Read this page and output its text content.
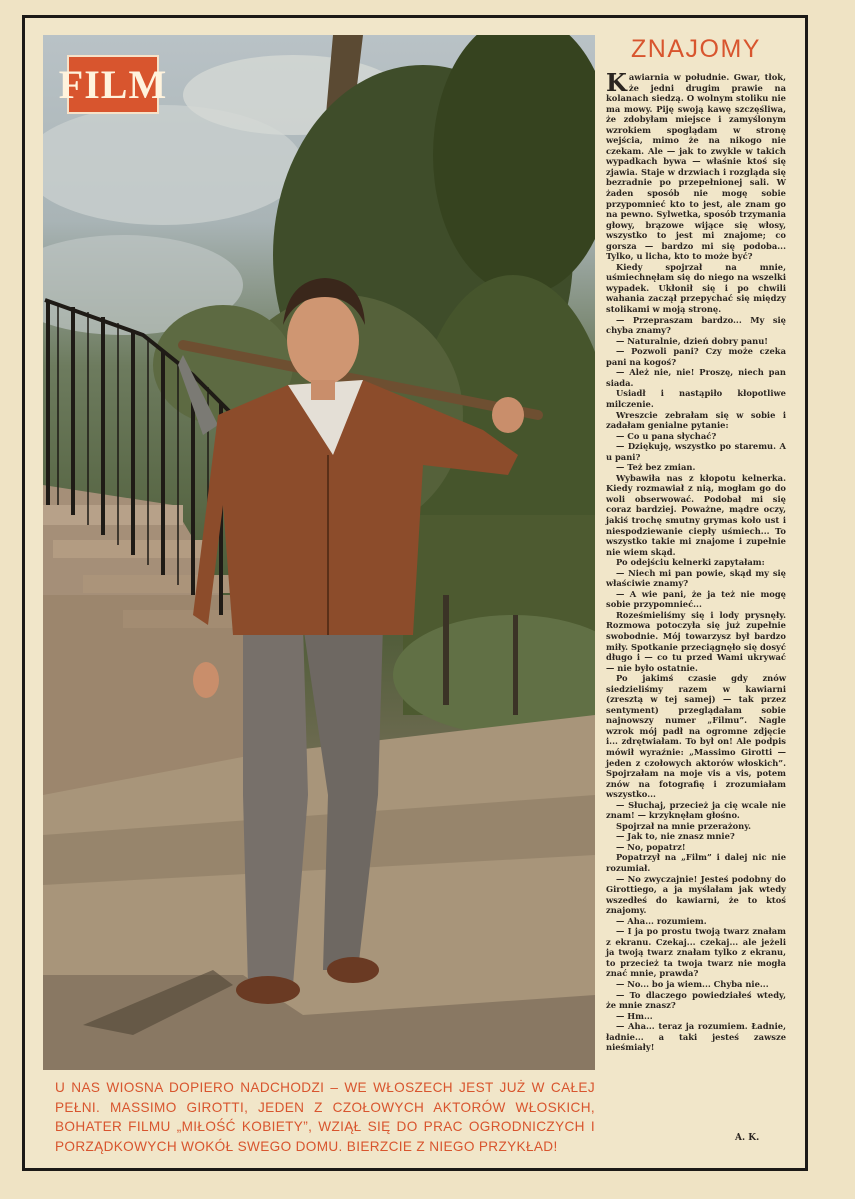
FILM
U NAS WIOSNA DOPIERO NADCHODZI – WE WŁOSZECH JEST JUŻ W CAŁEJ PEŁNI. MASSIMO GIROTTI, JEDEN Z CZOŁOWYCH AKTORÓW WŁOSKICH, BOHATER FILMU „MIŁOŚĆ KOBIETY”, WZIĄŁ SIĘ DO PRAC OGRODNICZYCH I PORZĄDKOWYCH WOKÓŁ SWEGO DOMU. BIERZCIE Z NIEGO PRZYKŁAD!
ZNAJOMY

Kawiarnia w południe. Gwar, tłok, że jedni drugim prawie na kolanach siedzą. O wolnym stoliku nie ma mowy. Piję swoją kawę szczęśliwa, że zdobyłam miejsce i zamyślonym wzrokiem spoglądam w stronę wejścia, mimo że na nikogo nie czekam. Ale — jak to zwykle w takich wypadkach bywa — właśnie ktoś się zjawia. Staje w drzwiach i rozgląda się bezradnie po przepełnionej sali. W żaden sposób nie mogę sobie przypomnieć kto to jest, ale znam go na pewno. Sylwetka, sposób trzymania głowy, brązowe wijące się włosy, wszystko to jest mi znajome; co gorsza — bardzo mi się podoba... Tylko, u licha, kto to może być?

Kiedy spojrzał na mnie, uśmiechnęłam się do niego na wszelki wypadek. Ukłonił się i po chwili wahania zaczął przepychać się między stolikami w moją stronę.

— Przepraszam bardzo... My się chyba znamy?

— Naturalnie, dzień dobry panu!

— Pozwoli pani? Czy może czeka pani na kogoś?

— Ależ nie, nie! Proszę, niech pan siada.

Usiadł i nastąpiło kłopotliwe milczenie.

Wreszcie zebrałam się w sobie i zadałam genialne pytanie:

— Co u pana słychać?

— Dziękuję, wszystko po staremu. A u pani?

— Też bez zmian.

Wybawiła nas z kłopotu kelnerka. Kiedy rozmawiał z nią, mogłam go do woli obserwować. Podobał mi się coraz bardziej. Poważne, mądre oczy, jakiś trochę smutny grymas koło ust i niespodziewanie ciepły uśmiech... To wszystko takie mi znajome i zupełnie nie wiem skąd.

Po odejściu kelnerki zapytałam:

— Niech mi pan powie, skąd my się właściwie znamy?

— A wie pani, że ja też nie mogę sobie przypomnieć...

Roześmieliśmy się i lody prysnęły. Rozmowa potoczyła się już zupełnie swobodnie. Mój towarzysz był bardzo miły. Spotkanie przeciągnęło się dosyć długo i — co tu przed Wami ukrywać — nie było ostatnie.

Po jakimś czasie gdy znów siedzieliśmy razem w kawiarni (zresztą w tej samej) — tak przez sentyment) przeglądałam sobie najnowszy numer „Filmu”. Nagle wzrok mój padł na ogromne zdjęcie i... zdrętwiałam. To był on! Ale podpis mówił wyraźnie: „Massimo Girotti — jeden z czołowych aktorów włoskich”. Spojrzałam na moje vis a vis, potem znów na fotografię i zrozumiałam wszystko...

— Słuchaj, przecież ja cię wcale nie znam! — krzyknęłam głośno.

Spojrzał na mnie przerażony.

— Jak to, nie znasz mnie?

— No, popatrz!

Popatrzył na „Film” i dalej nic nie rozumiał.

— No zwyczajnie! Jesteś podobny do Girottiego, a ja myślałam jak wtedy wszedłeś do kawiarni, że to ktoś znajomy.

— Aha... rozumiem.

— I ja po prostu twoją twarz znałam z ekranu. Czekaj... czekaj... ale jeżeli ja twoją twarz znałam tylko z ekranu, to przecież ta twoja twarz nie mogła znać mnie, prawda?

— No... bo ja wiem... Chyba nie...

— To dlaczego powiedziałeś wtedy, że mnie znasz?

— Hm...

— Aha... teraz ja rozumiem. Ładnie, ładnie... a taki jesteś zawsze nieśmiały!

A. K.
